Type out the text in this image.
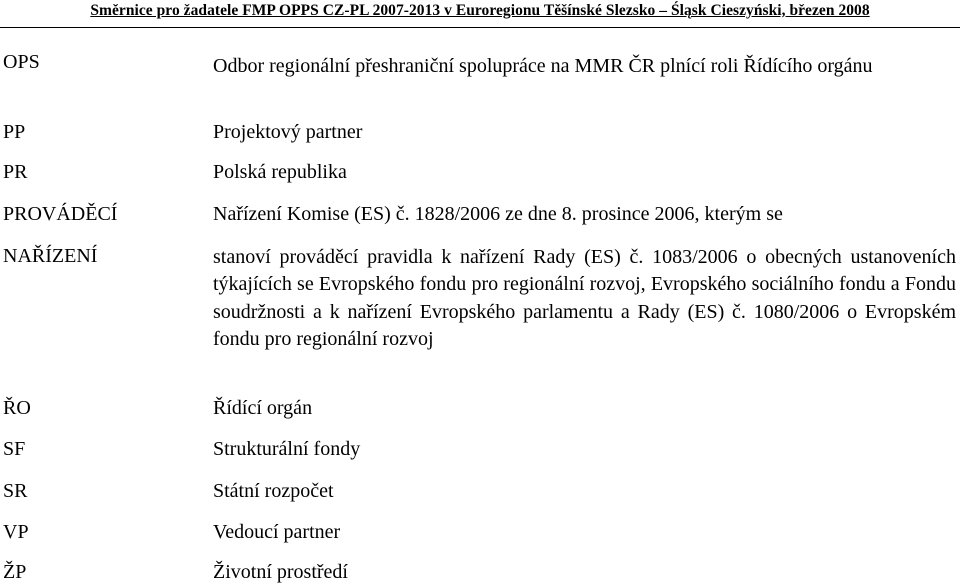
Směrnice pro žadatele FMP OPPS CZ-PL 2007-2013 v Euroregionu Těšínské Slezsko – Śląsk Cieszyński, březen 2008
OPS	Odbor regionální přeshraniční spolupráce na MMR ČR plnící roli Řídícího orgánu
PP	Projektový partner
PR	Polská republika
PROVÁDĚCÍ	Nařízení Komise (ES) č. 1828/2006 ze dne 8. prosince 2006, kterým se
NAŘÍZENÍ	stanoví prováděcí pravidla k nařízení Rady (ES) č. 1083/2006 o obecných ustanoveních týkajících se Evropského fondu pro regionální rozvoj, Evropského sociálního fondu a Fondu soudržnosti a k nařízení Evropského parlamentu a Rady (ES) č. 1080/2006 o Evropském fondu pro regionální rozvoj
ŘO	Řídící orgán
SF	Strukturální fondy
SR	Státní rozpočet
VP	Vedoucí partner
ŽP	Životní prostředí
